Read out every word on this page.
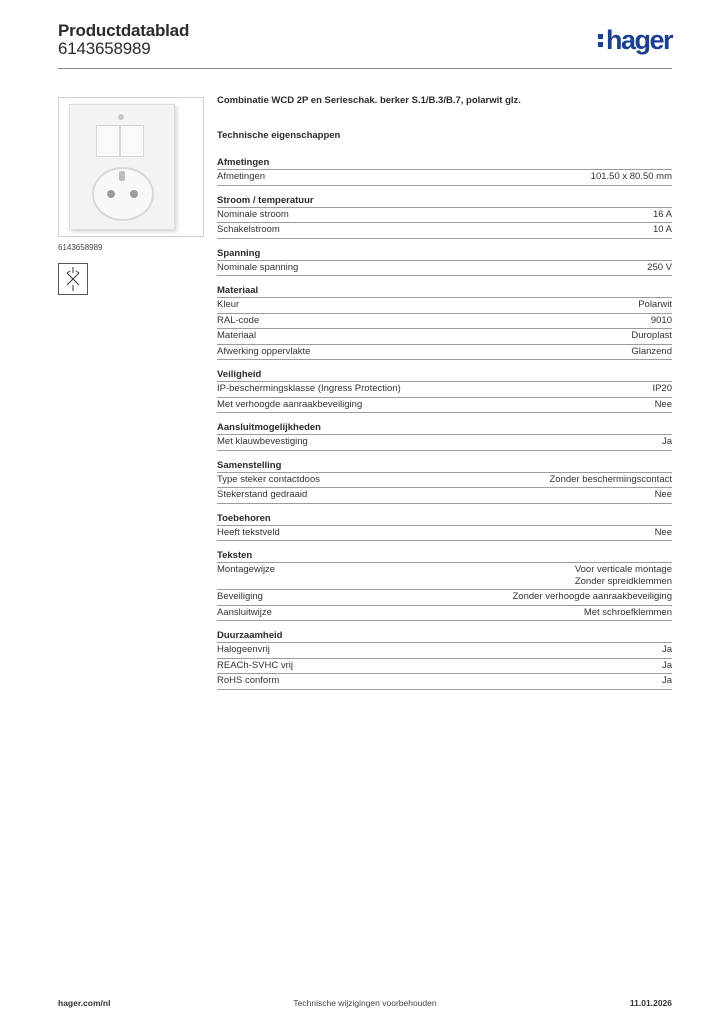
Productdatablad
6143658989	hager
6143658989
Combinatie WCD 2P en Serieschak. berker S.1/B.3/B.7, polarwit glz.
Technische eigenschappen
Afmetingen
Afmetingen	101.50 x 80.50 mm
Stroom / temperatuur
Nominale stroom	16 A
Schakelstroom	10 A
Spanning
Nominale spanning	250 V
Materiaal
Kleur	Polarwit
RAL-code	9010
Materiaal	Duroplast
Afwerking oppervlakte	Glanzend
Veiligheid
IP-beschermingsklasse (Ingress Protection)	IP20
Met verhoogde aanraakbeveiliging	Nee
Aansluitmogelijkheden
Met klauwbevestiging	Ja
Samenstelling
Type steker contactdoos	Zonder beschermingscontact
Stekerstand gedraaid	Nee
Toebehoren
Heeft tekstveld	Nee
Teksten
Montagewijze	Voor verticale montage
Zonder spreidklemmen
Beveiliging	Zonder verhoogde aanraakbeveiliging
Aansluitwijze	Met schroefklemmen
Duurzaamheid
Halogeenvrij	Ja
REACh-SVHC vrij	Ja
RoHS conform	Ja
Technische wijzigingen voorbehouden
hager.com/nl	11.01.2026
